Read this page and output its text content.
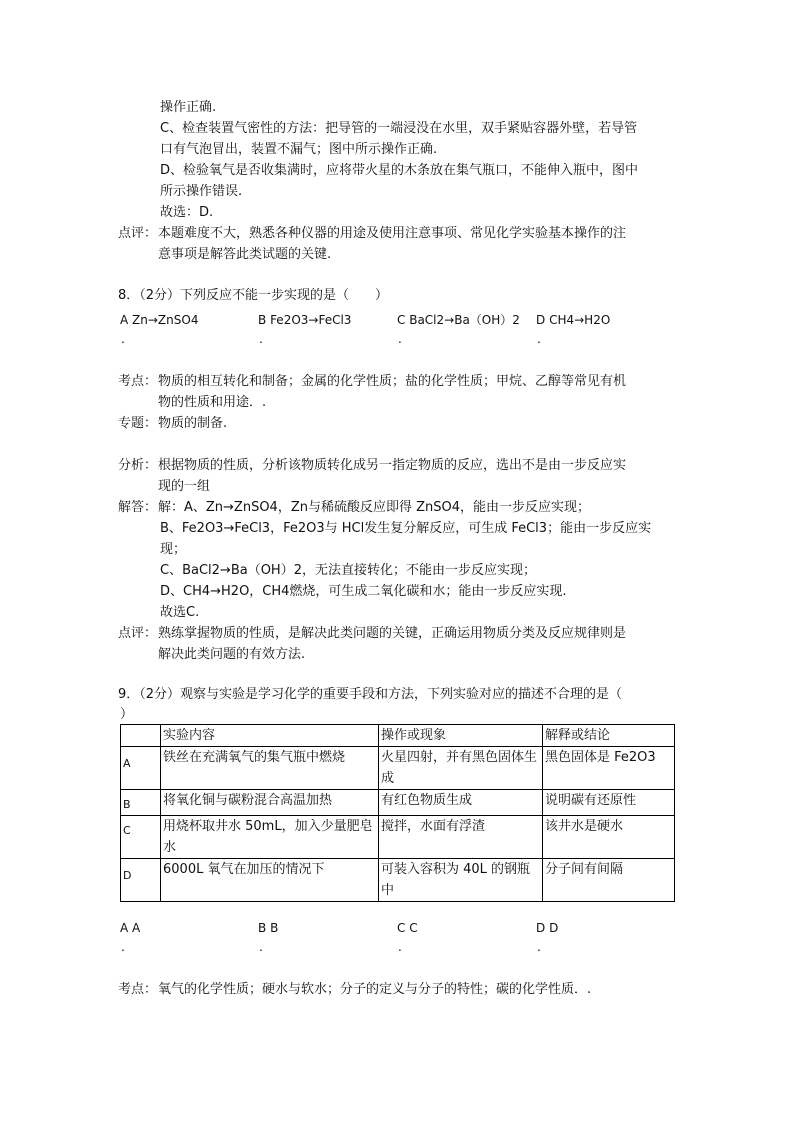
操作正确.
C、检查装置气密性的方法：把导管的一端浸没在水里，双手紧贴容器外壁，若导管
口有气泡冒出，装置不漏气；图中所示操作正确.
D、检验氧气是否收集满时，应将带火星的木条放在集气瓶口，不能伸入瓶中，图中
所示操作错误.
故选：D.
点评： 本题难度不大，熟悉各种仪器的用途及使用注意事项、常见化学实验基本操作的注
意事项是解答此类试题的关键.
8．（2分）下列反应不能一步实现的是（　　）
A Zn→ZnSO4
.
B Fe2O3→FeCl3
.
C BaCl2→Ba（OH）2
.
D CH4→H2O
.
考点： 物质的相互转化和制备；金属的化学性质；盐的化学性质；甲烷、乙醇等常见有机
物的性质和用途．.
专题： 物质的制备.
分析： 根据物质的性质，分析该物质转化成另一指定物质的反应，选出不是由一步反应实
现的一组
解答： 解：A、Zn→ZnSO4，Zn与稀硫酸反应即得 ZnSO4，能由一步反应实现；
B、Fe2O3→FeCl3，Fe2O3与 HCl发生复分解反应，可生成 FeCl3；能由一步反应实
现；
C、BaCl2→Ba（OH）2，无法直接转化；不能由一步反应实现；
D、CH4→H2O，CH4燃烧，可生成二氧化碳和水；能由一步反应实现.
故选C.
点评： 熟练掌握物质的性质，是解决此类问题的关键，正确运用物质分类及反应规律则是
解决此类问题的有效方法.
9．（2分）观察与实验是学习化学的重要手段和方法，下列实验对应的描述不合理的是（
）
	实验内容	操作或现象	解释或结论
A	铁丝在充满氧气的集气瓶中燃烧	火星四射，并有黑色固体生成	黑色固体是 Fe2O3
B	将氧化铜与碳粉混合高温加热	有红色物质生成	说明碳有还原性
C	用烧杯取井水 50mL，加入少量肥皂水	搅拌，水面有浮渣	该井水是硬水
D	6000L 氧气在加压的情况下	可装入容积为 40L 的钢瓶中	分子间有间隔
A A
.
B B
.
C C
.
D D
.
考点： 氧气的化学性质；硬水与软水；分子的定义与分子的特性；碳的化学性质．.
